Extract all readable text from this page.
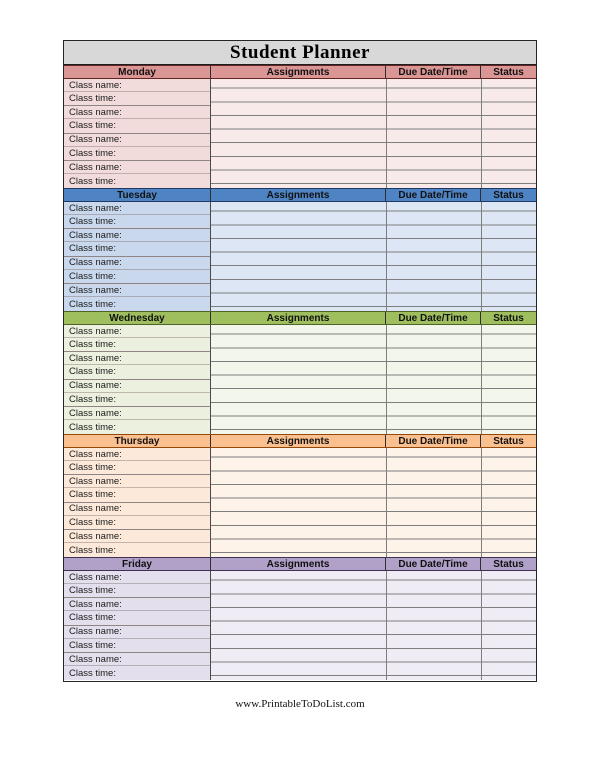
Student Planner
Monday	Assignments	Due Date/Time	Status
Class name:
Class time:
Class name:
Class time:
Class name:
Class time:
Class name:
Class time:
Tuesday	Assignments	Due Date/Time	Status
Class name:
Class time:
Class name:
Class time:
Class name:
Class time:
Class name:
Class time:
Wednesday	Assignments	Due Date/Time	Status
Class name:
Class time:
Class name:
Class time:
Class name:
Class time:
Class name:
Class time:
Thursday	Assignments	Due Date/Time	Status
Class name:
Class time:
Class name:
Class time:
Class name:
Class time:
Class name:
Class time:
Friday	Assignments	Due Date/Time	Status
Class name:
Class time:
Class name:
Class time:
Class name:
Class time:
Class name:
Class time:
www.PrintableToDoList.com
